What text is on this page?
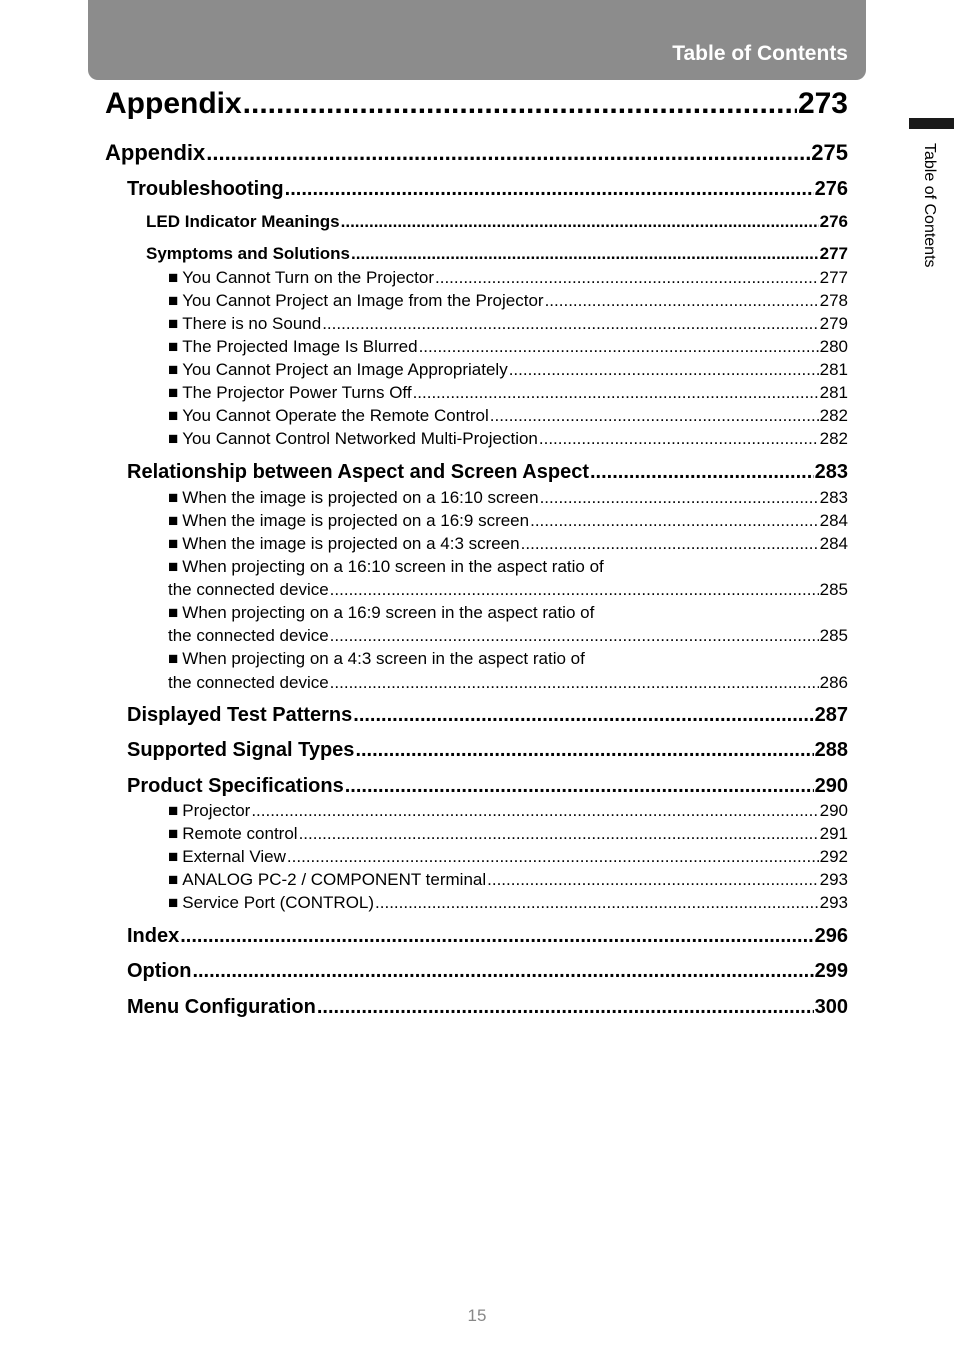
Table of Contents
Table of Contents
Appendix .....	273
Appendix .....	275
Troubleshooting .....	276
LED Indicator Meanings .....	276
Symptoms and Solutions .....	277
■ You Cannot Turn on the Projector .....	277
■ You Cannot Project an Image from the Projector .....	278
■ There is no Sound .....	279
■ The Projected Image Is Blurred .....	280
■ You Cannot Project an Image Appropriately .....	281
■ The Projector Power Turns Off .....	281
■ You Cannot Operate the Remote Control .....	282
■ You Cannot Control Networked Multi-Projection .....	282
Relationship between Aspect and Screen Aspect .....	283
■ When the image is projected on a 16:10 screen .....	283
■ When the image is projected on a 16:9 screen .....	284
■ When the image is projected on a 4:3 screen .....	284
■ When projecting on a 16:10 screen in the aspect ratio of
the connected device .....	285
■ When projecting on a 16:9 screen in the aspect ratio of
the connected device .....	285
■ When projecting on a 4:3 screen in the aspect ratio of
the connected device .....	286
Displayed Test Patterns .....	287
Supported Signal Types .....	288
Product Specifications .....	290
■ Projector .....	290
■ Remote control .....	291
■ External View .....	292
■ ANALOG PC-2 / COMPONENT terminal .....	293
■ Service Port (CONTROL) .....	293
Index .....	296
Option .....	299
Menu Configuration .....	300
15
